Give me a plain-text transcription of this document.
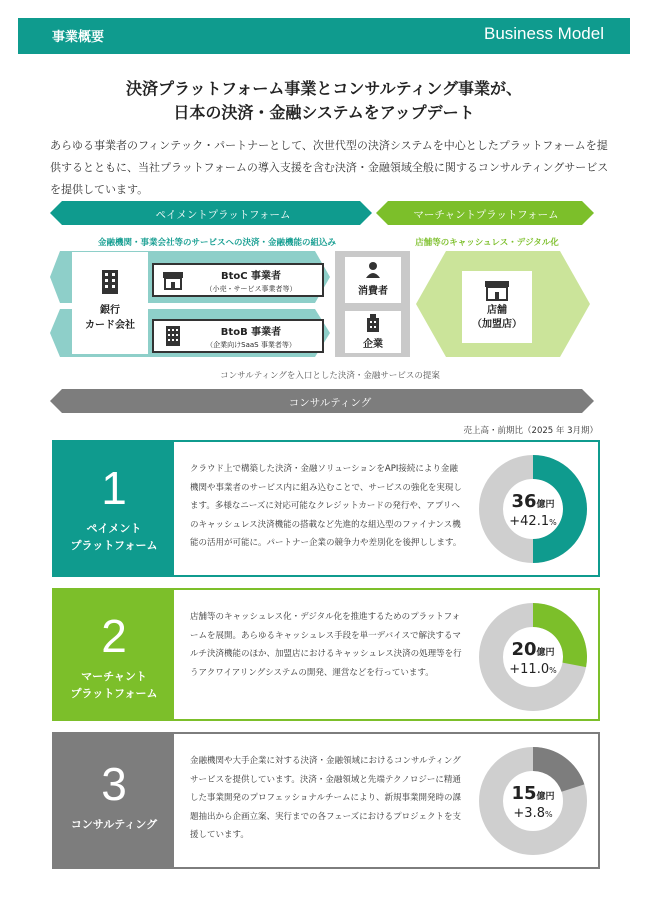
事業概要	Business Model
決済プラットフォーム事業とコンサルティング事業が、
日本の決済・金融システムをアップデート
あらゆる事業者のフィンテック・パートナーとして、次世代型の決済システムを中心としたプラットフォームを提供するとともに、当社プラットフォームの導入支援を含む決済・金融領域全般に関するコンサルティングサービスを提供しています。
ペイメントプラットフォーム	マーチャントプラットフォーム
金融機関・事業会社等のサービスへの決済・金融機能の組込み	店舗等のキャッシュレス・デジタル化
銀行
カード会社
BtoC 事業者
（小売・サービス事業者等）
BtoB 事業者
（企業向けSaaS 事業者等）
消費者
企業
店舗
（加盟店）
コンサルティングを入口とした決済・金融サービスの提案
コンサルティング
売上高・前期比（2025 年 3月期）
1
ペイメント
プラットフォーム
クラウド上で構築した決済・金融ソリューションをAPI接続により金融機関や事業者のサービス内に組み込むことで、サービスの強化を実現します。多様なニーズに対応可能なクレジットカードの発行や、アプリへのキャッシュレス決済機能の搭載など先進的な組込型のファイナンス機能の活用が可能に。パートナー企業の競争力や差別化を後押しします。
36億円
+42.1%
2
マーチャント
プラットフォーム
店舗等のキャッシュレス化・デジタル化を推進するためのプラットフォームを展開。あらゆるキャッシュレス手段を単一デバイスで解決するマルチ決済機能のほか、加盟店におけるキャッシュレス決済の処理等を行うアクワイアリングシステムの開発、運営などを行っています。
20億円
+11.0%
3
コンサルティング

金融機関や大手企業に対する決済・金融領域におけるコンサルティングサービスを提供しています。決済・金融領域と先端テクノロジーに精通した事業開発のプロフェッショナルチームにより、新規事業開発時の課題抽出から企画立案、実行までの各フェーズにおけるプロジェクトを支援しています。
15億円
+3.8%
